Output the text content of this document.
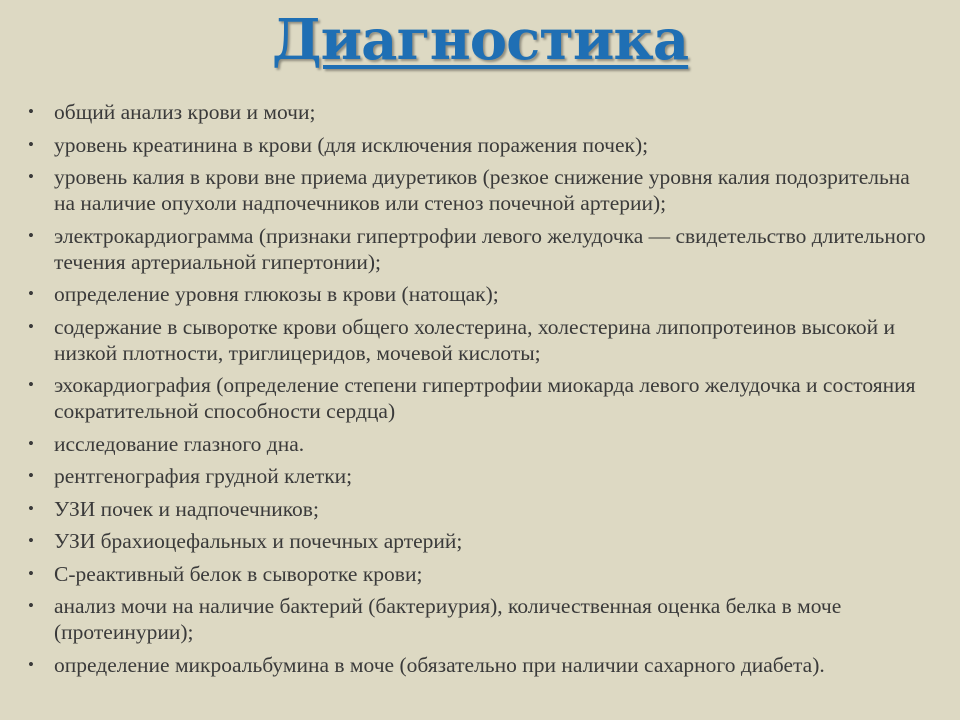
Диагностика
• общий анализ крови и мочи;
• уровень креатинина в крови (для исключения поражения почек);
• уровень калия в крови вне приема диуретиков (резкое снижение уровня калия подозрительна на наличие опухоли надпочечников или стеноз почечной артерии);
• электрокардиограмма (признаки гипертрофии левого желудочка — свидетельство длительного течения артериальной гипертонии);
• определение уровня глюкозы в крови (натощак);
• содержание в сыворотке крови общего холестерина, холестерина липопротеинов высокой и низкой плотности, триглицеридов, мочевой кислоты;
• эхокардиография (определение степени гипертрофии миокарда левого желудочка и состояния сократительной способности сердца)
• исследование глазного дна.
• рентгенография грудной клетки;
• УЗИ почек и надпочечников;
• УЗИ брахиоцефальных и почечных артерий;
• С-реактивный белок в сыворотке крови;
• анализ мочи на наличие бактерий (бактериурия), количественная оценка белка в моче (протеинурии);
• определение микроальбумина в моче (обязательно при наличии сахарного диабета).
